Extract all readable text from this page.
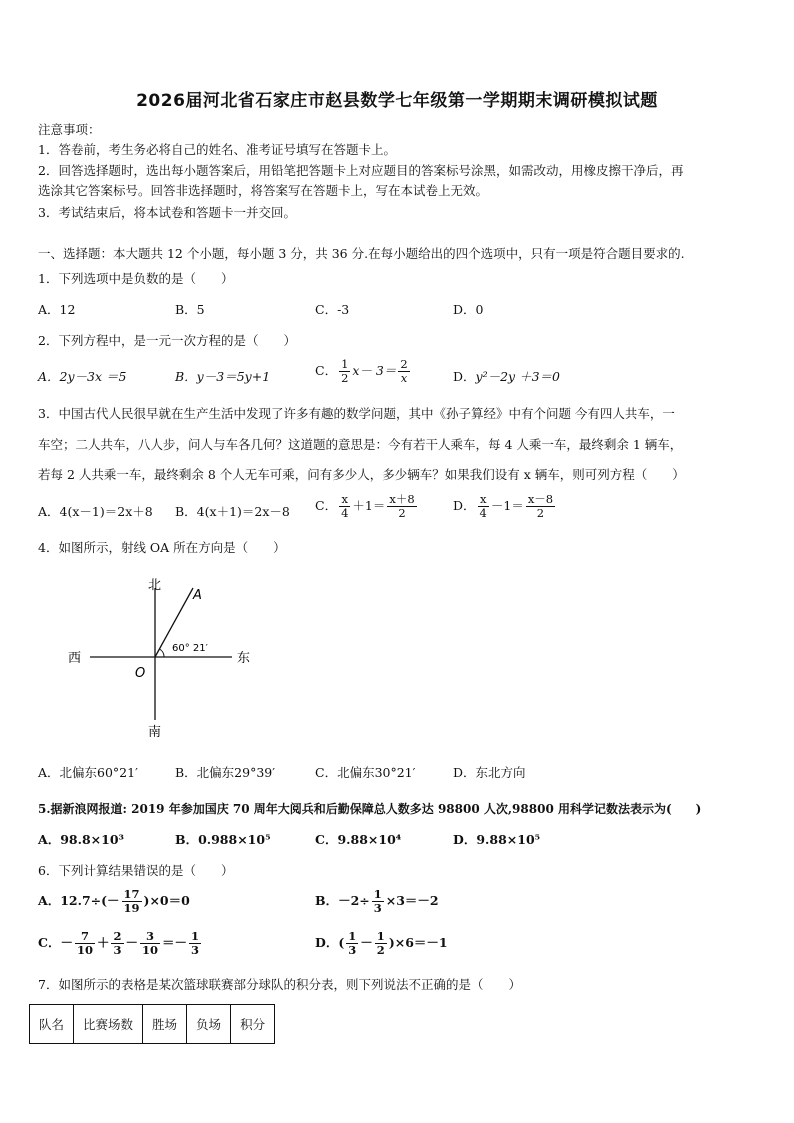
2026届河北省石家庄市赵县数学七年级第一学期期末调研模拟试题
注意事项：
1．答卷前，考生务必将自己的姓名、准考证号填写在答题卡上。
2．回答选择题时，选出每小题答案后，用铅笔把答题卡上对应题目的答案标号涂黑，如需改动，用橡皮擦干净后，再
选涂其它答案标号。回答非选择题时，将答案写在答题卡上，写在本试卷上无效。
3．考试结束后，将本试卷和答题卡一并交回。
一、选择题：本大题共 12 个小题，每小题 3 分，共 36 分.在每小题给出的四个选项中，只有一项是符合题目要求的.
1．下列选项中是负数的是（　　）
A．12	B．5	C．-3	D．0
2．下列方程中，是一元一次方程的是（　　）
A．2y－3x ＝5	B．y－3＝5y+1	C． $\frac{1}{2} x- 3= \frac{2}{x}$	D．y²－2y ＋3＝0
3．中国古代人民很早就在生产生活中发现了许多有趣的数学问题，其中《孙子算经》中有个问题 今有四人共车，一
车空；二人共车，八人步，问人与车各几何？这道题的意思是：今有若干人乘车，每 4 人乘一车，最终剩余 1 辆车，
若每 2 人共乘一车，最终剩余 8 个人无车可乘，问有多少人，多少辆车？如果我们设有 x 辆车，则可列方程（　　）
A．4(x－1)＝2x＋8 B．4(x＋1)＝2x－8 C． $\frac{x}{4} +1= \frac{x+8}{2}$	D． $\frac{x}{4} -1= \frac{x-8}{2}$
4．如图所示，射线 OA 所在方向是（　　）
北
南
西	东
A
O
60° 21′
A．北偏东60°21′	B．北偏东29°39′	C．北偏东30°21′	D．东北方向
5.据新浪网报道: 2019 年参加国庆 70 周年大阅兵和后勤保障总人数多达 98800 人次,98800 用科学记数法表示为(　　)
A．98.8×10³	B．0.988×10⁵	C．9.88×10⁴	D．9.88×10⁵
6．下列计算结果错误的是（　　）
A．$12.7\div(- \frac{17}{19} )\times 0=0$	B．$-2\div \frac{1}{3} \times 3=-2$
C．－ $\frac{7}{10} + \frac{2}{3} - \frac{3}{10} =- \frac{1}{3}$	D．( $\frac{1}{3} - \frac{1}{2} )\times 6=-1$
7．如图所示的表格是某次篮球联赛部分球队的积分表，则下列说法不正确的是（　　）
队名	比赛场数	胜场	负场	积分
